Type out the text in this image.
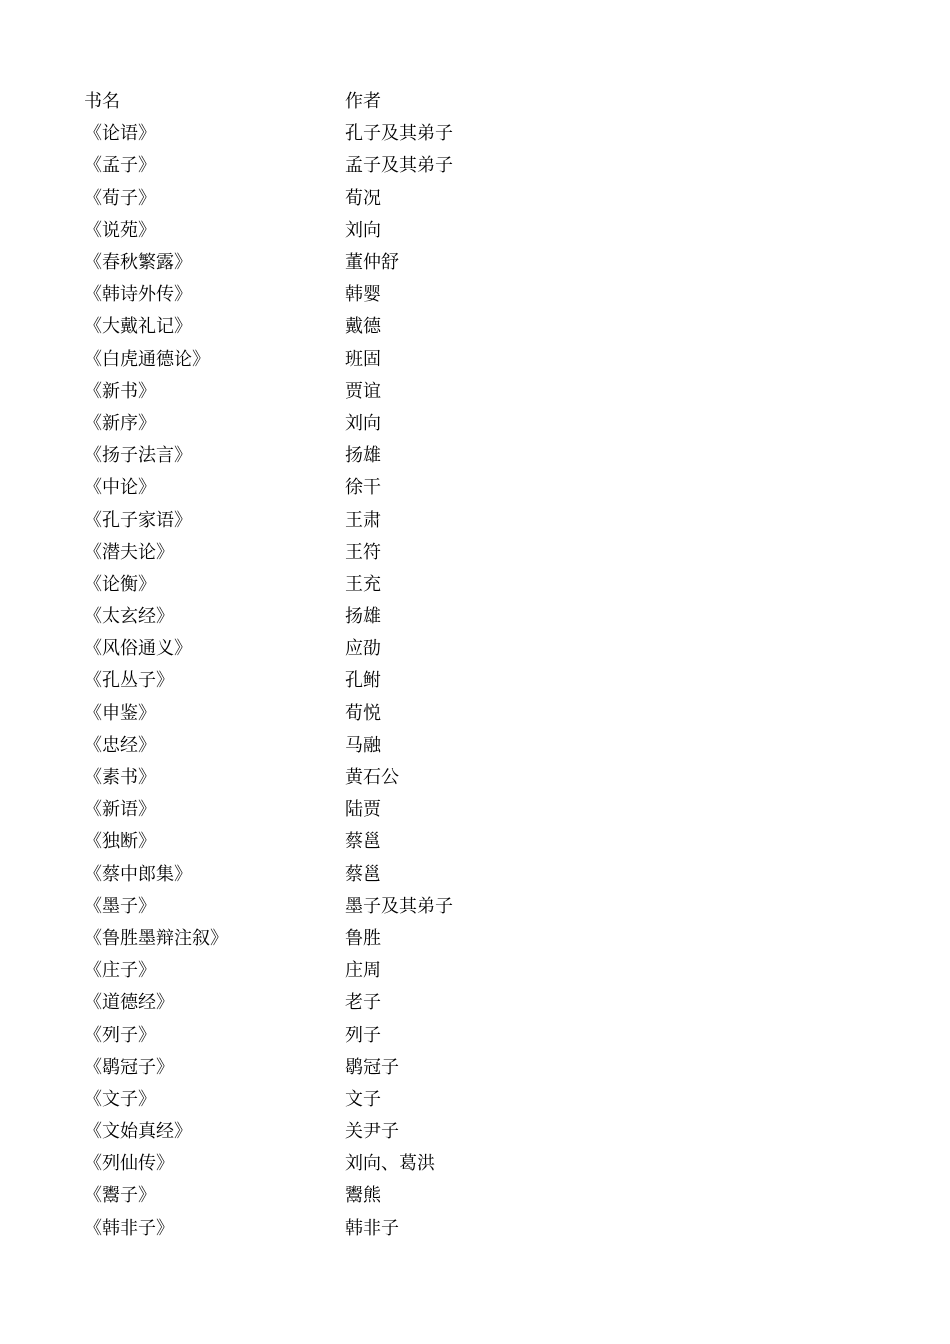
书名	作者
《论语》	孔子及其弟子
《孟子》	孟子及其弟子
《荀子》	荀况
《说苑》	刘向
《春秋繁露》	董仲舒
《韩诗外传》	韩婴
《大戴礼记》	戴德
《白虎通德论》	班固
《新书》	贾谊
《新序》	刘向
《扬子法言》	扬雄
《中论》	徐干
《孔子家语》	王肃
《潜夫论》	王符
《论衡》	王充
《太玄经》	扬雄
《风俗通义》	应劭
《孔丛子》	孔鲋
《申鉴》	荀悦
《忠经》	马融
《素书》	黄石公
《新语》	陆贾
《独断》	蔡邕
《蔡中郎集》	蔡邕
《墨子》	墨子及其弟子
《鲁胜墨辩注叙》	鲁胜
《庄子》	庄周
《道德经》	老子
《列子》	列子
《鹖冠子》	鹖冠子
《文子》	文子
《文始真经》	关尹子
《列仙传》	刘向、葛洪
《鬻子》	鬻熊
《韩非子》	韩非子
